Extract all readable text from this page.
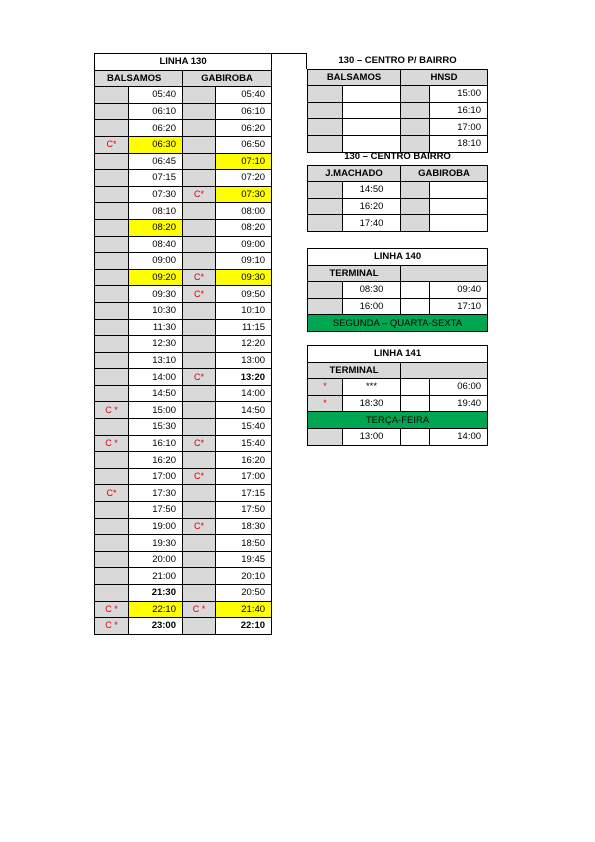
LINHA 130			
BALSAMOS		GABIROBA	
	05:40		05:40
	06:10		06:10
	06:20		06:20
C*	06:30		06:50
	06:45		07:10
	07:15		07:20
	07:30	C*	07:30
	08:10		08:00
	08:20		08:20
	08:40		09:00
	09:00		09:10
	09:20	C*	09:30
	09:30	C*	09:50
	10:30		10:10
	11:30		11:15
	12:30		12:20
	13:10		13:00
	14:00	C*	13:20
	14:50		14:00
C *	15:00		14:50
	15:30		15:40
C *	16:10	C*	15:40
	16:20		16:20
	17:00	C*	17:00
C*	17:30		17:15
	17:50		17:50
	19:00	C*	18:30
	19:30		18:50
	20:00		19:45
	21:00		20:10
	21:30		20:50
C *	22:10	C *	21:40
C *	23:00		22:10
130 – CENTRO P/ BAIRRO			
BALSAMOS		HNSD	
			15:00
			16:10
			17:00
			18:10
130 – CENTRO BAIRRO			
J.MACHADO		GABIROBA	
	14:50		
	16:20		
	17:40		
LINHA 140			
TERMINAL			
	08:30		09:40
	16:00		17:10
SEGUNDA – QUARTA-SEXTA			
LINHA 141			
TERMINAL			
*	***		06:00
*	18:30		19:40
TERÇA-FEIRA			
	13:00		14:00
